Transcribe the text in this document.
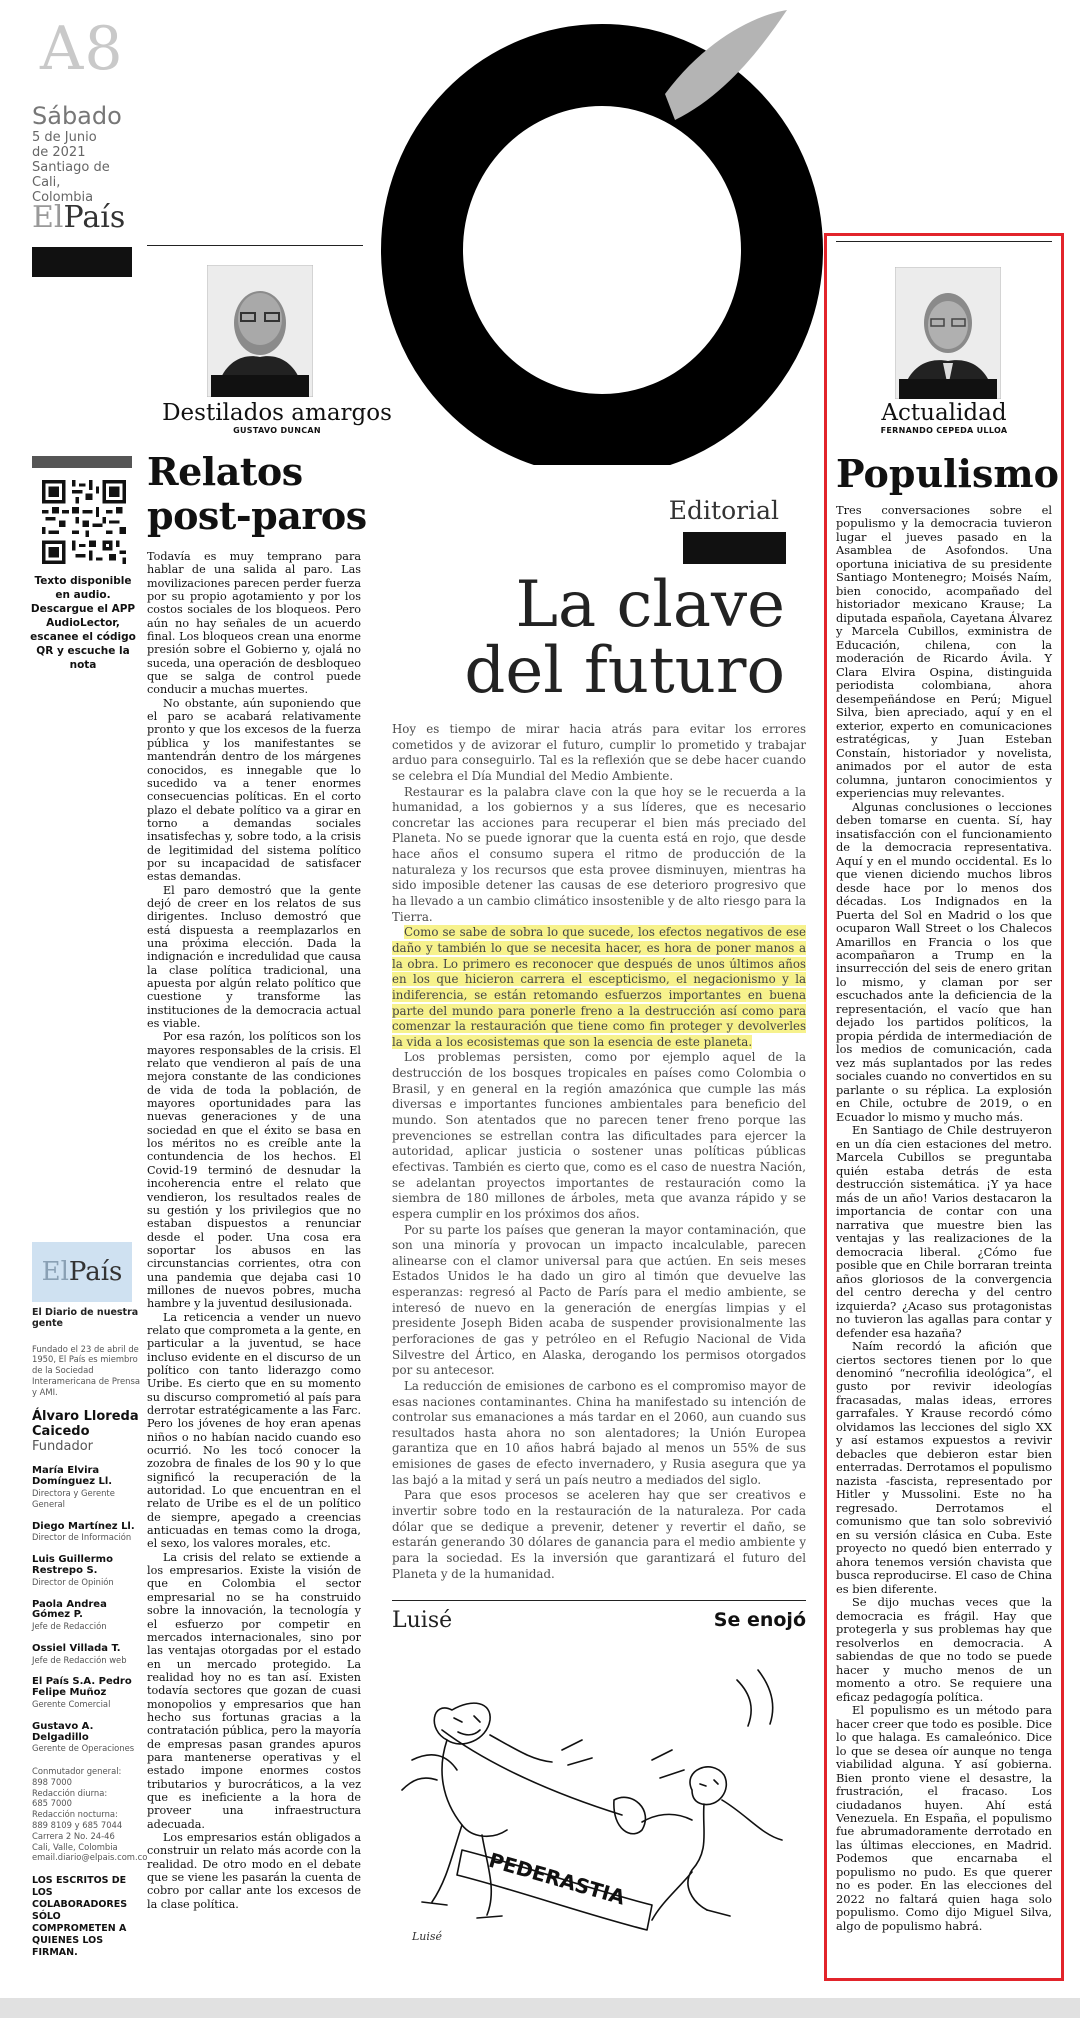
A8
Sábado
5 de Junio
de 2021
Santiago de Cali,
Colombia
ElPaís
Texto disponible en audio. Descargue el APP AudioLector, escanee el código QR y escuche la nota
El País
El Diario de nuestra gente
Fundado el 23 de abril de 1950, El País es miembro de la Sociedad Interamericana de Prensa y AMI.
Álvaro Lloreda Caicedo
Fundador
María Elvira Domínguez Ll.
Directora y Gerente General
Diego Martínez Ll.
Director de Información
Luis Guillermo Restrepo S.
Director de Opinión
Paola Andrea Gómez P.
Jefe de Redacción
Ossiel Villada T.
Jefe de Redacción web
El País S.A. Pedro Felipe Muñoz
Gerente Comercial
Gustavo A. Delgadillo
Gerente de Operaciones
Conmutador general:
898 7000
Redacción diurna:
685 7000
Redacción nocturna:
889 8109 y 685 7044
Carrera 2 No. 24-46
Cali, Valle, Colombia
email.diario@elpais.com.co
LOS ESCRITOS DE LOS COLABORADORES SÓLO COMPROMETEN A QUIENES LOS FIRMAN.
Destilados amargos
GUSTAVO DUNCAN
Relatos
post-paros

Todavía es muy temprano para hablar de una salida al paro. Las movilizaciones parecen perder fuerza por su propio agotamiento y por los costos sociales de los bloqueos. Pero aún no hay señales de un acuerdo final. Los bloqueos crean una enorme presión sobre el Gobierno y, ojalá no suceda, una operación de desbloqueo que se salga de control puede conducir a muchas muertes.

No obstante, aún suponiendo que el paro se acabará relativamente pronto y que los excesos de la fuerza pública y los manifestantes se mantendrán dentro de los márgenes conocidos, es innegable que lo sucedido va a tener enormes consecuencias políticas. En el corto plazo el debate político va a girar en torno a demandas sociales insatisfechas y, sobre todo, a la crisis de legitimidad del sistema político por su incapacidad de satisfacer estas demandas.

El paro demostró que la gente dejó de creer en los relatos de sus dirigentes. Incluso demostró que está dispuesta a reemplazarlos en una próxima elección. Dada la indignación e incredulidad que causa la clase política tradicional, una apuesta por algún relato político que cuestione y transforme las instituciones de la democracia actual es viable.

Por esa razón, los políticos son los mayores responsables de la crisis. El relato que vendieron al país de una mejora constante de las condiciones de vida de toda la población, de mayores oportunidades para las nuevas generaciones y de una sociedad en que el éxito se basa en los méritos no es creíble ante la contundencia de los hechos. El Covid-19 terminó de desnudar la incoherencia entre el relato que vendieron, los resultados reales de su gestión y los privilegios que no estaban dispuestos a renunciar desde el poder. Una cosa era soportar los abusos en las circunstancias corrientes, otra con una pandemia que dejaba casi 10 millones de nuevos pobres, mucha hambre y la juventud desilusionada.

La reticencia a vender un nuevo relato que comprometa a la gente, en particular a la juventud, se hace incluso evidente en el discurso de un político con tanto liderazgo como Uribe. Es cierto que en su momento su discurso comprometió al país para derrotar estratégicamente a las Farc. Pero los jóvenes de hoy eran apenas niños o no habían nacido cuando eso ocurrió. No les tocó conocer la zozobra de finales de los 90 y lo que significó la recuperación de la autoridad. Lo que encuentran en el relato de Uribe es el de un político de siempre, apegado a creencias anticuadas en temas como la droga, el sexo, los valores morales, etc.

La crisis del relato se extiende a los empresarios. Existe la visión de que en Colombia el sector empresarial no se ha construido sobre la innovación, la tecnología y el esfuerzo por competir en mercados internacionales, sino por las ventajas otorgadas por el estado en un mercado protegido. La realidad hoy no es tan así. Existen todavía sectores que gozan de cuasi monopolios y empresarios que han hecho sus fortunas gracias a la contratación pública, pero la mayoría de empresas pasan grandes apuros para mantenerse operativas y el estado impone enormes costos tributarios y burocráticos, a la vez que es ineficiente a la hora de proveer una infraestructura adecuada.

Los empresarios están obligados a construir un relato más acorde con la realidad. De otro modo en el debate que se viene les pasarán la cuenta de cobro por callar ante los excesos de la clase política.

Editorial
La clave
del futuro

Hoy es tiempo de mirar hacia atrás para evitar los errores cometidos y de avizorar el futuro, cumplir lo prometido y trabajar arduo para conseguirlo. Tal es la reflexión que se debe hacer cuando se celebra el Día Mundial del Medio Ambiente.

Restaurar es la palabra clave con la que hoy se le recuerda a la humanidad, a los gobiernos y a sus líderes, que es necesario concretar las acciones para recuperar el bien más preciado del Planeta. No se puede ignorar que la cuenta está en rojo, que desde hace años el consumo supera el ritmo de producción de la naturaleza y los recursos que esta provee disminuyen, mientras ha sido imposible detener las causas de ese deterioro progresivo que ha llevado a un cambio climático insostenible y de alto riesgo para la Tierra.

Como se sabe de sobra lo que sucede, los efectos negativos de ese daño y también lo que se necesita hacer, es hora de poner manos a la obra. Lo primero es reconocer que después de unos últimos años en los que hicieron carrera el escepticismo, el negacionismo y la indiferencia, se están retomando esfuerzos importantes en buena parte del mundo para ponerle freno a la destrucción así como para comenzar la restauración que tiene como fin proteger y devolverles la vida a los ecosistemas que son la esencia de este planeta.

Los problemas persisten, como por ejemplo aquel de la destrucción de los bosques tropicales en países como Colombia o Brasil, y en general en la región amazónica que cumple las más diversas e importantes funciones ambientales para beneficio del mundo. Son atentados que no parecen tener freno porque las prevenciones se estrellan contra las dificultades para ejercer la autoridad, aplicar justicia o sostener unas políticas públicas efectivas. También es cierto que, como es el caso de nuestra Nación, se adelantan proyectos importantes de restauración como la siembra de 180 millones de árboles, meta que avanza rápido y se espera cumplir en los próximos dos años.

Por su parte los países que generan la mayor contaminación, que son una minoría y provocan un impacto incalculable, parecen alinearse con el clamor universal para que actúen. En seis meses Estados Unidos le ha dado un giro al timón que devuelve las esperanzas: regresó al Pacto de París para el medio ambiente, se interesó de nuevo en la generación de energías limpias y el presidente Joseph Biden acaba de suspender provisionalmente las perforaciones de gas y petróleo en el Refugio Nacional de Vida Silvestre del Ártico, en Alaska, derogando los permisos otorgados por su antecesor.

La reducción de emisiones de carbono es el compromiso mayor de esas naciones contaminantes. China ha manifestado su intención de controlar sus emanaciones a más tardar en el 2060, aun cuando sus resultados hasta ahora no son alentadores; la Unión Europea garantiza que en 10 años habrá bajado al menos un 55% de sus emisiones de gases de efecto invernadero, y Rusia asegura que ya las bajó a la mitad y será un país neutro a mediados del siglo.

Para que esos procesos se aceleren hay que ser creativos e invertir sobre todo en la restauración de la naturaleza. Por cada dólar que se dedique a prevenir, detener y revertir el daño, se estarán generando 30 dólares de ganancia para el medio ambiente y para la sociedad. Es la inversión que garantizará el futuro del Planeta y de la humanidad.

Luisé	Se enojó
PEDERASTIA
Luisé
Actualidad
FERNANDO CEPEDA ULLOA
Populismo

Tres conversaciones sobre el populismo y la democracia tuvieron lugar el jueves pasado en la Asamblea de Asofondos. Una oportuna iniciativa de su presidente Santiago Montenegro; Moisés Naím, bien conocido, acompañado del historiador mexicano Krause; La diputada española, Cayetana Álvarez y Marcela Cubillos, exministra de Educación, chilena, con la moderación de Ricardo Ávila. Y Clara Elvira Ospina, distinguida periodista colombiana, ahora desempeñándose en Perú; Miguel Silva, bien apreciado, aquí y en el exterior, experto en comunicaciones estratégicas, y Juan Esteban Constaín, historiador y novelista, animados por el autor de esta columna, juntaron conocimientos y experiencias muy relevantes.

Algunas conclusiones o lecciones deben tomarse en cuenta. Sí, hay insatisfacción con el funcionamiento de la democracia representativa. Aquí y en el mundo occidental. Es lo que vienen diciendo muchos libros desde hace por lo menos dos décadas. Los Indignados en la Puerta del Sol en Madrid o los que ocuparon Wall Street o los Chalecos Amarillos en Francia o los que acompañaron a Trump en la insurrección del seis de enero gritan lo mismo, y claman por ser escuchados ante la deficiencia de la representación, el vacío que han dejado los partidos políticos, la propia pérdida de intermediación de los medios de comunicación, cada vez más suplantados por las redes sociales cuando no convertidos en su parlante o su réplica. La explosión en Chile, octubre de 2019, o en Ecuador lo mismo y mucho más.

En Santiago de Chile destruyeron en un día cien estaciones del metro. Marcela Cubillos se preguntaba quién estaba detrás de esta destrucción sistemática. ¡Y ya hace más de un año! Varios destacaron la importancia de contar con una narrativa que muestre bien las ventajas y las realizaciones de la democracia liberal. ¿Cómo fue posible que en Chile borraran treinta años gloriosos de la convergencia del centro derecha y del centro izquierda? ¿Acaso sus protagonistas no tuvieron las agallas para contar y defender esa hazaña?

Naím recordó la afición que ciertos sectores tienen por lo que denominó “necrofilia ideológica”, el gusto por revivir ideologías fracasadas, malas ideas, errores garrafales. Y Krause recordó cómo olvidamos las lecciones del siglo XX y así estamos expuestos a revivir debacles que debieron estar bien enterradas. Derrotamos el populismo nazista -fascista, representado por Hitler y Mussolini. Este no ha regresado. Derrotamos el comunismo que tan solo sobrevivió en su versión clásica en Cuba. Este proyecto no quedó bien enterrado y ahora tenemos versión chavista que busca reproducirse. El caso de China es bien diferente.

Se dijo muchas veces que la democracia es frágil. Hay que protegerla y sus problemas hay que resolverlos en democracia. A sabiendas de que no todo se puede hacer y mucho menos de un momento a otro. Se requiere una eficaz pedagogía política.

El populismo es un método para hacer creer que todo es posible. Dice lo que halaga. Es camaleónico. Dice lo que se desea oír aunque no tenga viabilidad alguna. Y así gobierna. Bien pronto viene el desastre, la frustración, el fracaso. Los ciudadanos huyen. Ahí está Venezuela. En España, el populismo fue abrumadoramente derrotado en las últimas elecciones, en Madrid. Podemos que encarnaba el populismo no pudo. Es que querer no es poder. En las elecciones del 2022 no faltará quien haga solo populismo. Como dijo Miguel Silva, algo de populismo habrá.
